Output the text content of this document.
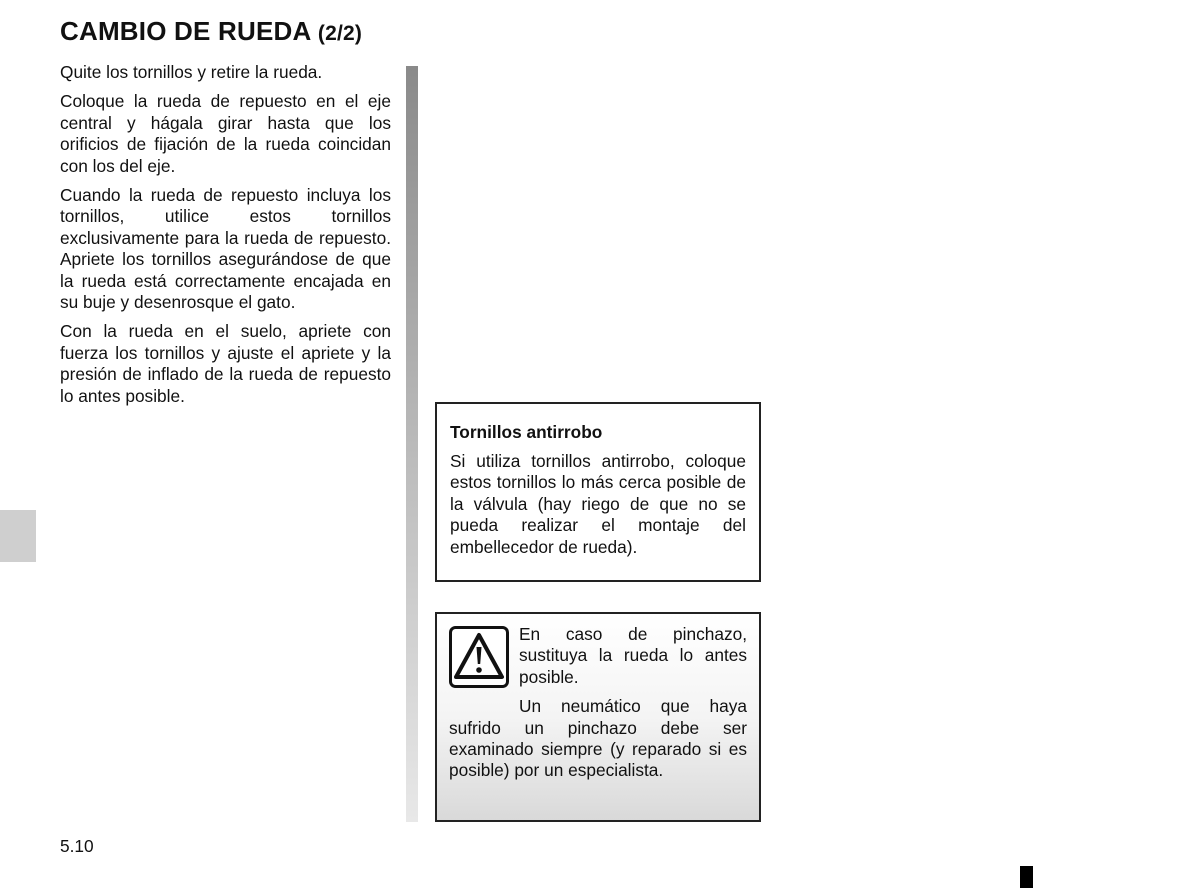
CAMBIO DE RUEDA (2/2)

Quite los tornillos y retire la rueda.

Coloque la rueda de repuesto en el eje central y hágala girar hasta que los orificios de fijación de la rueda coincidan con los del eje.

Cuando la rueda de repuesto incluya los tornillos, utilice estos tornillos exclusivamente para la rueda de repuesto. Apriete los tornillos asegurándose de que la rueda está correctamente encajada en su buje y desenrosque el gato.

Con la rueda en el suelo, apriete con fuerza los tornillos y ajuste el apriete y la presión de inflado de la rueda de repuesto lo antes posible.

Tornillos antirrobo

Si utiliza tornillos antirrobo, coloque estos tornillos lo más cerca posible de la válvula (hay riego de que no se pueda realizar el montaje del embellecedor de rueda).

En caso de pinchazo, sustituya la rueda lo antes posible.

Un neumático que haya sufrido un pinchazo debe ser examinado siempre (y reparado si es posible) por un especialista.

5.10
